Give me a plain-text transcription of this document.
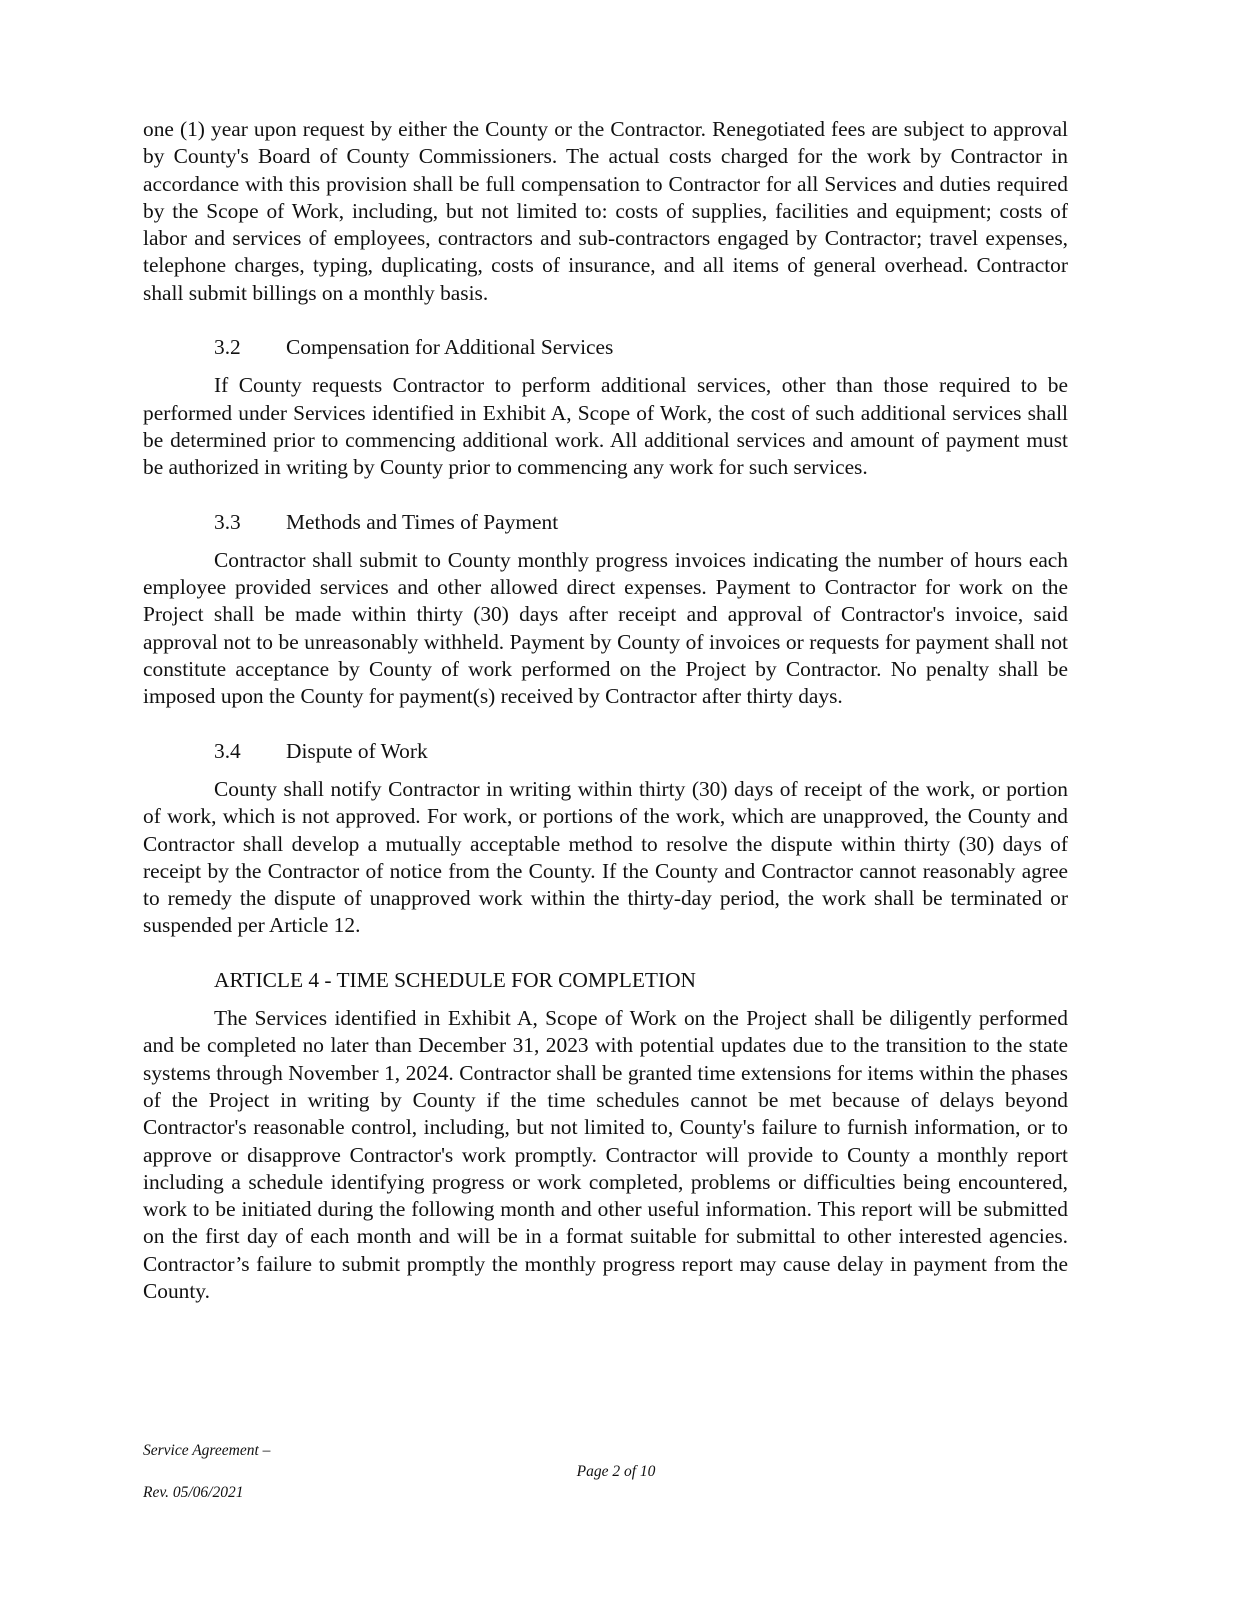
one (1) year upon request by either the County or the Contractor. Renegotiated fees are subject to approval by County's Board of County Commissioners. The actual costs charged for the work by Contractor in accordance with this provision shall be full compensation to Contractor for all Services and duties required by the Scope of Work, including, but not limited to: costs of supplies, facilities and equipment; costs of labor and services of employees, contractors and sub-contractors engaged by Contractor; travel expenses, telephone charges, typing, duplicating, costs of insurance, and all items of general overhead. Contractor shall submit billings on a monthly basis.

3.2 Compensation for Additional Services

If County requests Contractor to perform additional services, other than those required to be performed under Services identified in Exhibit A, Scope of Work, the cost of such additional services shall be determined prior to commencing additional work. All additional services and amount of payment must be authorized in writing by County prior to commencing any work for such services.

3.3 Methods and Times of Payment

Contractor shall submit to County monthly progress invoices indicating the number of hours each employee provided services and other allowed direct expenses. Payment to Contractor for work on the Project shall be made within thirty (30) days after receipt and approval of Contractor's invoice, said approval not to be unreasonably withheld. Payment by County of invoices or requests for payment shall not constitute acceptance by County of work performed on the Project by Contractor. No penalty shall be imposed upon the County for payment(s) received by Contractor after thirty days.

3.4 Dispute of Work

County shall notify Contractor in writing within thirty (30) days of receipt of the work, or portion of work, which is not approved. For work, or portions of the work, which are unapproved, the County and Contractor shall develop a mutually acceptable method to resolve the dispute within thirty (30) days of receipt by the Contractor of notice from the County. If the County and Contractor cannot reasonably agree to remedy the dispute of unapproved work within the thirty-day period, the work shall be terminated or suspended per Article 12.

ARTICLE 4 - TIME SCHEDULE FOR COMPLETION

The Services identified in Exhibit A, Scope of Work on the Project shall be diligently performed and be completed no later than December 31, 2023 with potential updates due to the transition to the state systems through November 1, 2024. Contractor shall be granted time extensions for items within the phases of the Project in writing by County if the time schedules cannot be met because of delays beyond Contractor's reasonable control, including, but not limited to, County's failure to furnish information, or to approve or disapprove Contractor's work promptly. Contractor will provide to County a monthly report including a schedule identifying progress or work completed, problems or difficulties being encountered, work to be initiated during the following month and other useful information. This report will be submitted on the first day of each month and will be in a format suitable for submittal to other interested agencies. Contractor’s failure to submit promptly the monthly progress report may cause delay in payment from the County.

Service Agreement –
Rev. 05/06/2021
Page 2 of 10
